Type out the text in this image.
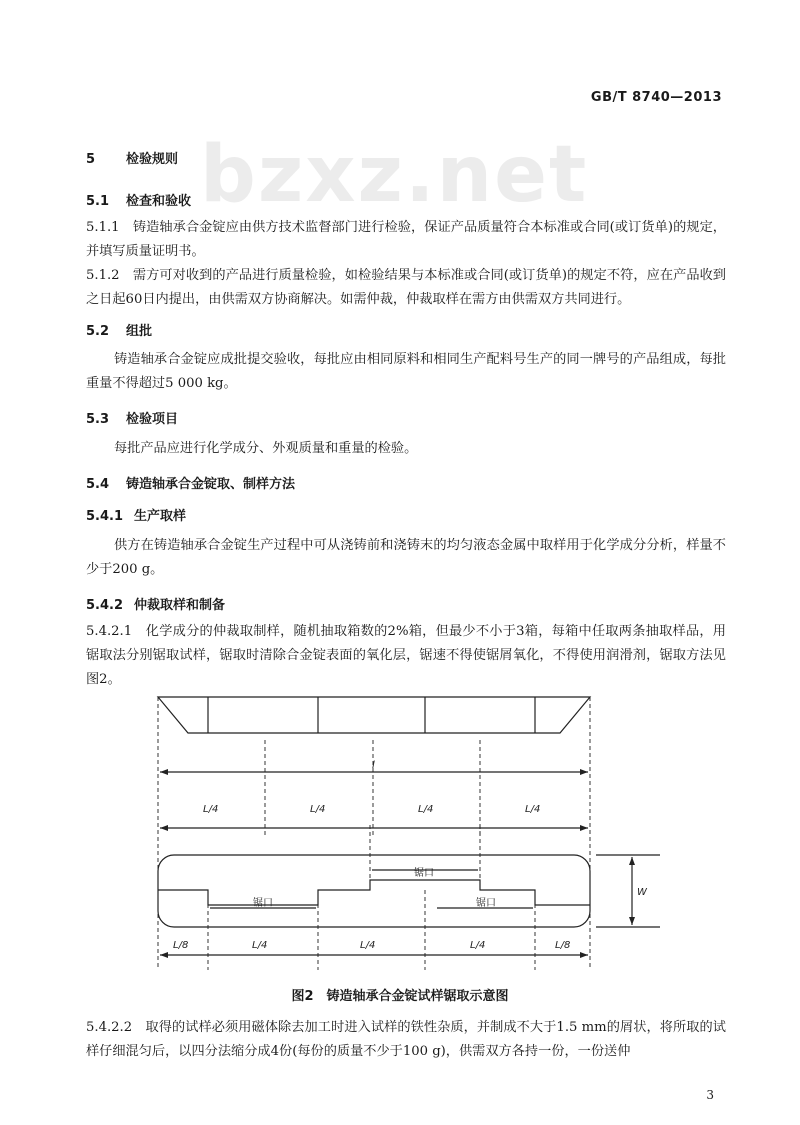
GB/T 8740—2013
bzxz.net
5 检验规则
5.1 检查和验收
5.1.1　铸造轴承合金锭应由供方技术监督部门进行检验，保证产品质量符合本标准或合同(或订货单)的规定，并填写质量证明书。
5.1.2　需方可对收到的产品进行质量检验，如检验结果与本标准或合同(或订货单)的规定不符，应在产品收到之日起60日内提出，由供需双方协商解决。如需仲裁，仲裁取样在需方由供需双方共同进行。
5.2 组批
铸造轴承合金锭应成批提交验收，每批应由相同原料和相同生产配料号生产的同一牌号的产品组成，每批重量不得超过5 000 kg。
5.3 检验项目
每批产品应进行化学成分、外观质量和重量的检验。
5.4 铸造轴承合金锭取、制样方法
5.4.1 生产取样
供方在铸造轴承合金锭生产过程中可从浇铸前和浇铸末的均匀液态金属中取样用于化学成分分析，样量不少于200 g。
5.4.2 仲裁取样和制备
5.4.2.1　化学成分的仲裁取制样，随机抽取箱数的2%箱，但最少不小于3箱，每箱中任取两条抽取样品，用锯取法分别锯取试样，锯取时清除合金锭表面的氧化层，锯速不得使锯屑氧化，不得使用润滑剂，锯取方法见图2。
l
L/4	L/4	L/4	L/4
W
L/8	L/4	L/4	L/4	L/8
锯口
锯口	锯口
图2　铸造轴承合金锭试样锯取示意图
5.4.2.2　取得的试样必须用磁体除去加工时进入试样的铁性杂质，并制成不大于1.5 mm的屑状，将所取的试样仔细混匀后，以四分法缩分成4份(每份的质量不少于100 g)，供需双方各持一份，一份送仲
3
